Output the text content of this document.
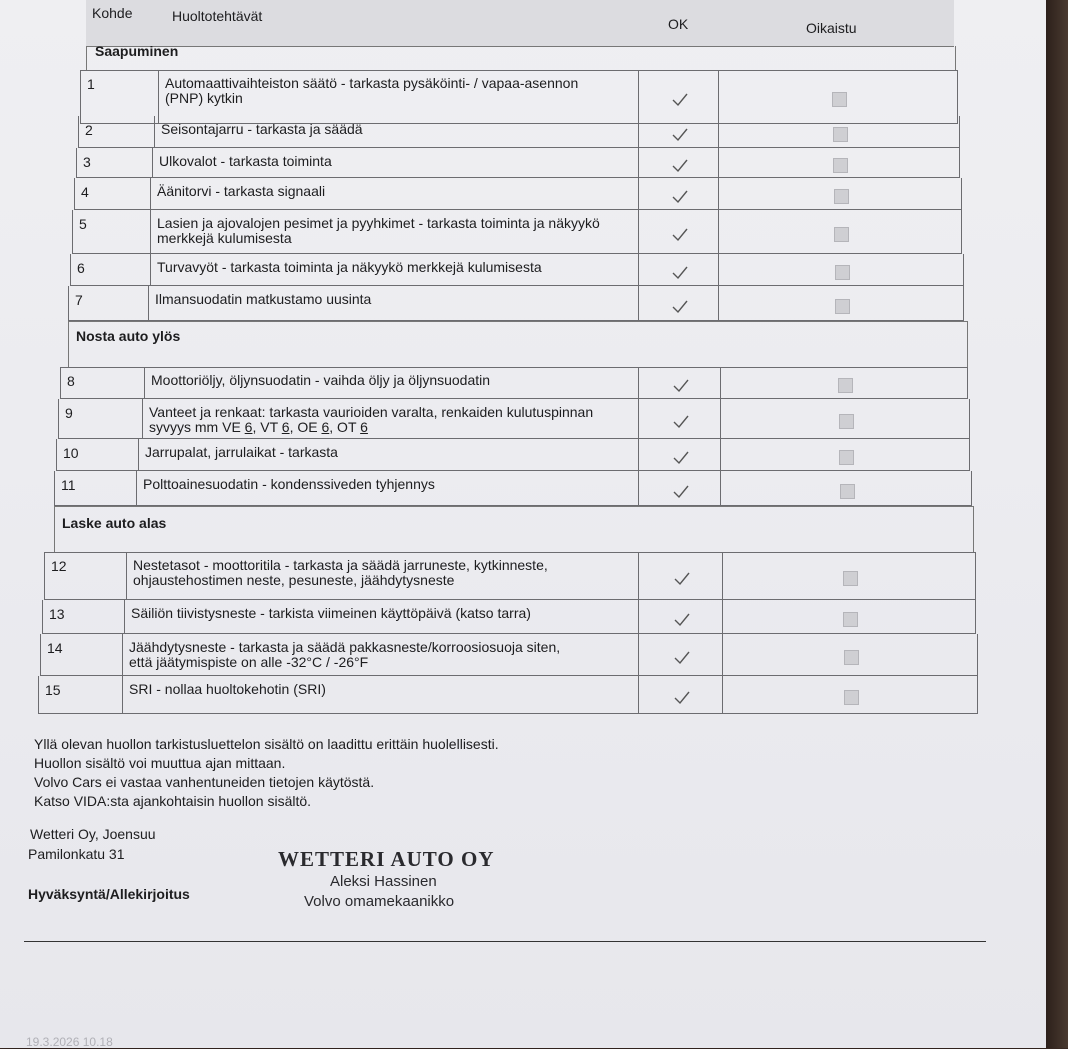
Kohde	Huoltotehtävät	OK	Oikaistu
Saapuminen
Nosta auto ylös
Laske auto alas
1	Automaattivaihteiston säätö - tarkasta pysäköinti- / vapaa-asennon
(PNP) kytkin
2	Seisontajarru - tarkasta ja säädä
3	Ulkovalot - tarkasta toiminta
4	Äänitorvi - tarkasta signaali
5	Lasien ja ajovalojen pesimet ja pyyhkimet - tarkasta toiminta ja näkyykö
merkkejä kulumisesta
6	Turvavyöt - tarkasta toiminta ja näkyykö merkkejä kulumisesta
7	Ilmansuodatin matkustamo uusinta
8	Moottoriöljy, öljynsuodatin - vaihda öljy ja öljynsuodatin
9	Vanteet ja renkaat: tarkasta vaurioiden varalta, renkaiden kulutuspinnan
syvyys mm VE 6, VT 6, OE 6, OT 6
10	Jarrupalat, jarrulaikat - tarkasta
11	Polttoainesuodatin - kondenssiveden tyhjennys
12	Nestetasot - moottoritila - tarkasta ja säädä jarruneste, kytkinneste,
ohjaustehostimen neste, pesuneste, jäähdytysneste
13	Säiliön tiivistysneste - tarkista viimeinen käyttöpäivä (katso tarra)
14	Jäähdytysneste - tarkasta ja säädä pakkasneste/korroosiosuoja siten,
että jäätymispiste on alle -32°C / -26°F
15	SRI - nollaa huoltokehotin (SRI)

Yllä olevan huollon tarkistusluettelon sisältö on laadittu erittäin huolellisesti.

Huollon sisältö voi muuttua ajan mittaan.

Volvo Cars ei vastaa vanhentuneiden tietojen käytöstä.

Katso VIDA:sta ajankohtaisin huollon sisältö.

Wetteri Oy, Joensuu
Pamilonkatu 31
Hyväksyntä/Allekirjoitus
WETTERI AUTO OY
Aleksi Hassinen
Volvo omamekaanikko
19.3.2026 10.18
